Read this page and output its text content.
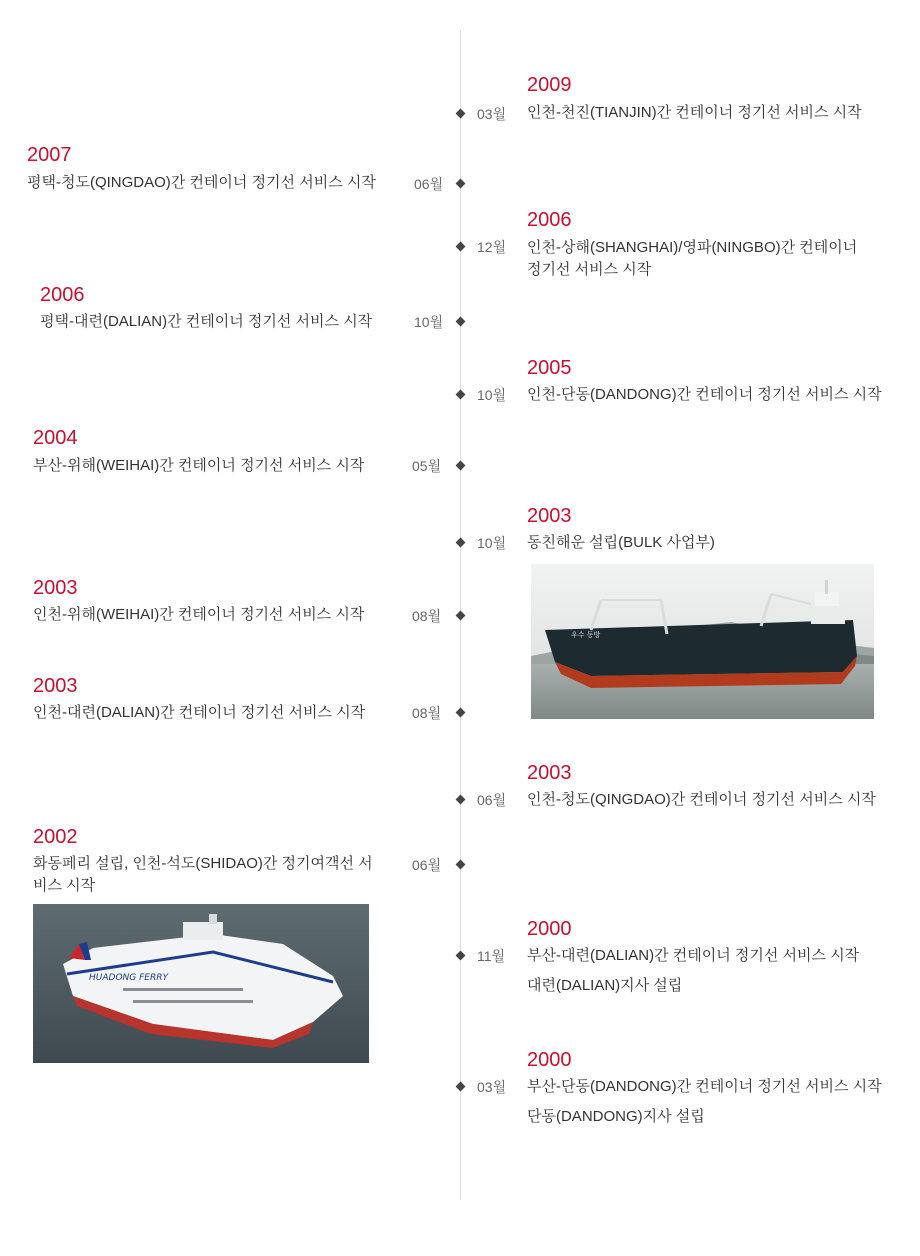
2009
03월 인천-천진(TIANJIN)간 컨테이너 정기선 서비스 시작
2007
평택-청도(QINGDAO)간 컨테이너 정기선 서비스 시작	06월
2006
12월 인천-상해(SHANGHAI)/영파(NINGBO)간 컨테이너 정기선 서비스 시작
2006
평택-대련(DALIAN)간 컨테이너 정기선 서비스 시작	10월
2005
10월 인천-단동(DANDONG)간 컨테이너 정기선 서비스 시작
2004
부산-위해(WEIHAI)간 컨테이너 정기선 서비스 시작	05월
2003
10월 동친해운 설립(BULK 사업부)
우수 동방
2003
인천-위해(WEIHAI)간 컨테이너 정기선 서비스 시작	08월
2003
인천-대련(DALIAN)간 컨테이너 정기선 서비스 시작	08월
2003
06월 인천-청도(QINGDAO)간 컨테이너 정기선 서비스 시작
2002
화동페리 설립, 인천-석도(SHIDAO)간 정기여객선 서비스 시작
06월
HUADONG FERRY
2000
11월 부산-대련(DALIAN)간 컨테이너 정기선 서비스 시작
대련(DALIAN)지사 설립
2000
03월 부산-단동(DANDONG)간 컨테이너 정기선 서비스 시작
단동(DANDONG)지사 설립
